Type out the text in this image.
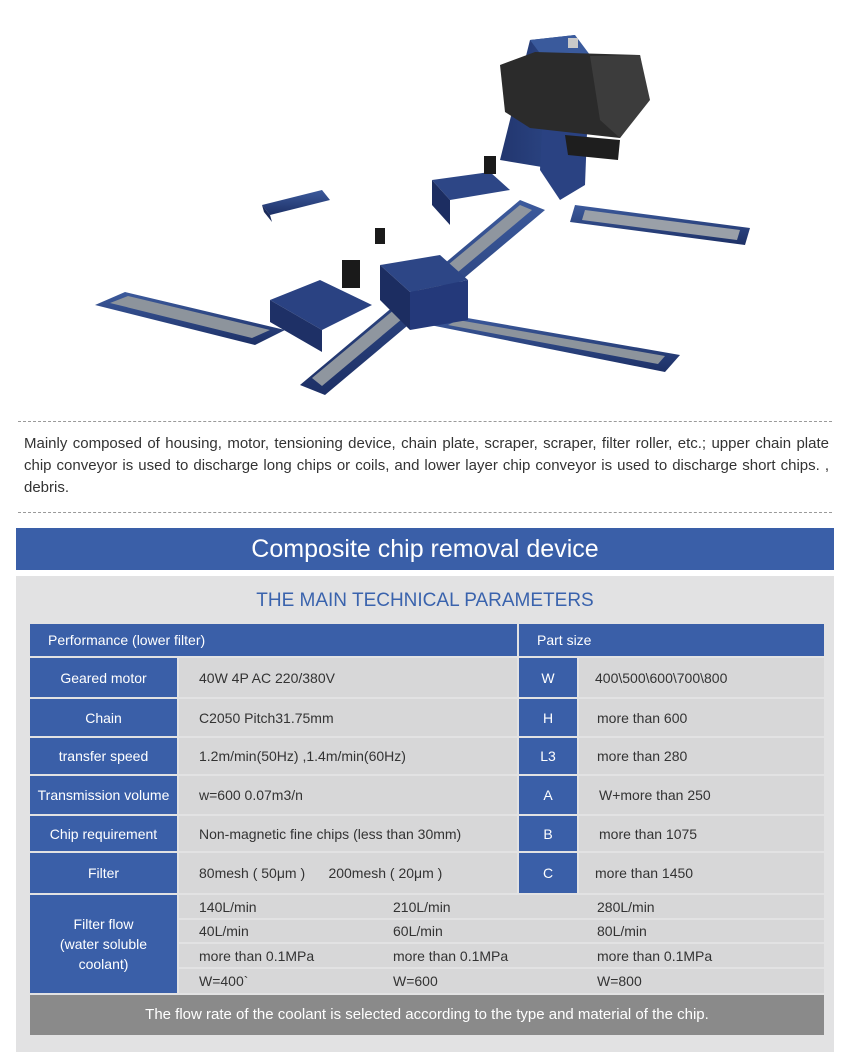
Mainly composed of housing, motor, tensioning device, chain plate, scraper, scraper, filter roller, etc.; upper chain plate chip conveyor is used to discharge long chips or coils, and lower layer chip conveyor is used to discharge short chips. , debris.
Composite chip removal device
THE MAIN TECHNICAL PARAMETERS
Performance (lower filter)	Part size
Geared motor	40W 4P AC 220/380V	W	400\500\600\700\800
Chain	C2050 Pitch31.75mm	H	more than 600
transfer speed	1.2m/min(50Hz) ,1.4m/min(60Hz)	L3	more than 280
Transmission volume	w=600 0.07m3/n	A	W+more than 250
Chip requirement	Non-magnetic fine chips (less than 30mm)	B	more than 1075
Filter	80mesh ( 50μm )      200mesh ( 20μm )	C	more than 1450
Filter flow
(water soluble
coolant)
140L/min	210L/min	280L/min
40L/min	60L/min	80L/min
more than 0.1MPa	more than 0.1MPa	more than 0.1MPa
W=400`	W=600	W=800
The flow rate of the coolant is selected according to the type and material of the chip.
